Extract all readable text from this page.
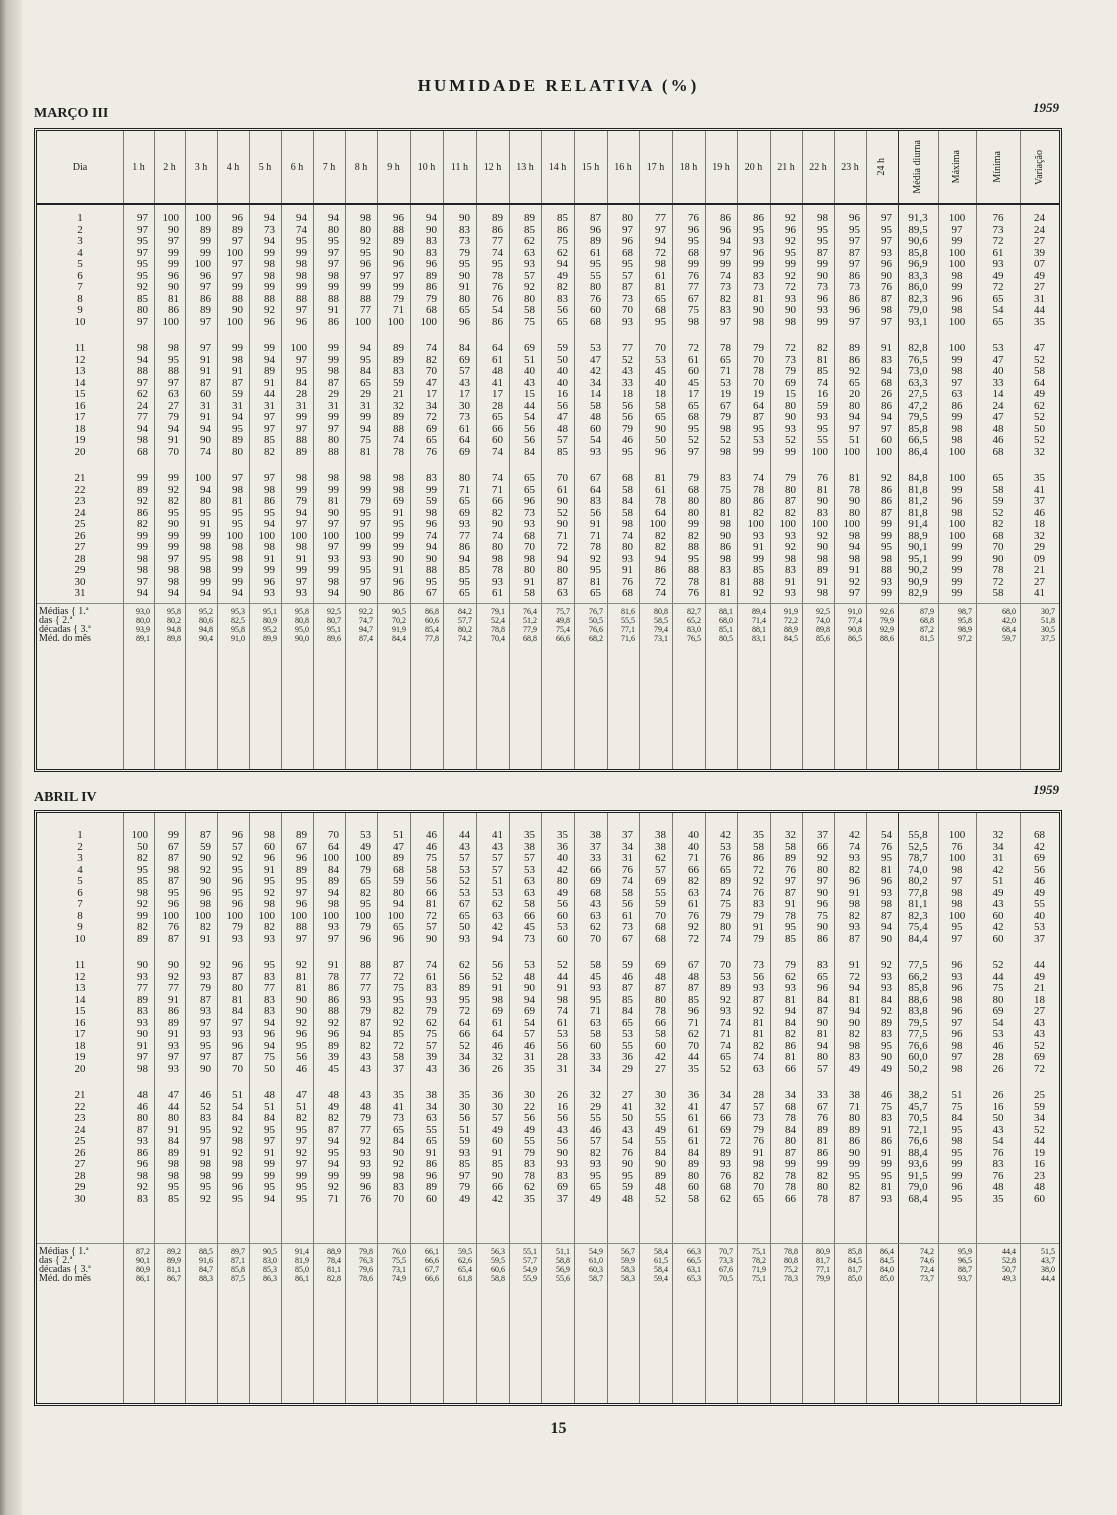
HUMIDADE RELATIVA (%)
MARÇO III	1959
Dia	1 h	2 h	3 h	4 h	5 h	6 h	7 h	8 h	9 h	10 h	11 h	12 h	13 h	14 h	15 h	16 h	17 h	18 h	19 h	20 h	21 h	22 h	23 h	24 h	Média diurna	Máxima	Mínima	Variação
1	97	100	100	96	94	94	94	98	96	94	90	89	89	85	87	80	77	76	86	86	92	98	96	97	91,3	100	76	24
2	97	90	89	89	73	74	80	80	88	90	83	86	85	86	96	97	97	96	96	95	96	95	95	95	89,5	97	73	24
3	95	97	99	97	94	95	95	92	89	83	73	77	62	75	89	96	94	95	94	93	92	95	97	97	90,6	99	72	27
4	97	99	99	100	99	99	97	95	90	83	79	74	63	62	61	68	72	68	97	96	95	87	87	93	85,8	100	61	39
5	95	99	100	97	98	98	97	96	96	96	95	95	93	94	95	95	98	99	99	99	99	99	97	96	96,9	100	93	07
6	95	96	96	97	98	98	98	97	97	89	90	78	57	49	55	57	61	76	74	83	92	90	86	90	83,3	98	49	49
7	92	90	97	99	99	99	99	99	99	86	91	76	92	82	80	87	81	77	73	73	72	73	73	76	86,0	99	72	27
8	85	81	86	88	88	88	88	88	79	79	80	76	80	83	76	73	65	67	82	81	93	96	86	87	82,3	96	65	31
9	80	86	89	90	92	97	91	77	71	68	65	54	58	56	60	70	68	75	83	90	90	93	96	98	79,0	98	54	44
10	97	100	97	100	96	96	86	100	100	100	96	86	75	65	68	93	95	98	97	98	98	99	97	97	93,1	100	65	35
11	98	98	97	99	99	100	99	94	89	74	84	64	69	59	53	77	70	72	78	79	72	82	89	91	82,8	100	53	47
12	94	95	91	98	94	97	99	95	89	82	69	61	51	50	47	52	53	61	65	70	73	81	86	83	76,5	99	47	52
13	88	88	91	91	89	95	98	84	83	70	57	48	40	40	42	43	45	60	71	78	79	85	92	94	73,0	98	40	58
14	97	97	87	87	91	84	87	65	59	47	43	41	43	40	34	33	40	45	53	70	69	74	65	68	63,3	97	33	64
15	62	63	60	59	44	28	29	29	21	17	17	17	15	16	14	18	18	17	19	19	15	16	20	26	27,5	63	14	49
16	24	27	31	31	31	31	31	31	32	34	30	28	44	56	58	56	58	65	67	64	80	59	80	86	47,2	86	24	62
17	77	79	91	94	97	99	99	99	89	72	73	65	54	47	48	56	65	68	79	87	90	93	94	94	79,5	99	47	52
18	94	94	94	95	97	97	97	94	88	69	61	66	56	48	60	79	90	95	98	95	93	95	97	97	85,8	98	48	50
19	98	91	90	89	85	88	80	75	74	65	64	60	56	57	54	46	50	52	52	53	52	55	51	60	66,5	98	46	52
20	68	70	74	80	82	89	88	81	78	76	69	74	84	85	93	95	96	97	98	99	99	100	100	100	86,4	100	68	32
21	99	99	100	97	97	98	98	98	98	83	80	74	65	70	67	68	81	79	83	74	79	76	81	92	84,8	100	65	35
22	89	92	94	98	98	99	99	99	98	99	71	71	65	61	64	58	61	68	75	78	80	81	78	86	81,8	99	58	41
23	92	82	80	81	86	79	81	79	69	59	65	66	96	90	83	84	78	80	80	86	87	90	90	86	81,2	96	59	37
24	86	95	95	95	95	94	90	95	91	98	69	82	73	52	56	58	64	80	81	82	82	83	80	87	81,8	98	52	46
25	82	90	91	95	94	97	97	97	95	96	93	90	93	90	91	98	100	99	98	100	100	100	100	99	91,4	100	82	18
26	99	99	99	100	100	100	100	100	99	74	77	74	68	71	71	74	82	82	90	93	93	92	98	99	88,9	100	68	32
27	99	99	98	98	98	98	97	99	99	94	86	80	70	72	78	80	82	88	86	91	92	90	94	95	90,1	99	70	29
28	98	97	95	98	91	91	93	93	90	90	94	98	98	94	92	93	94	95	98	99	98	98	98	98	95,1	99	90	09
29	98	98	98	99	99	99	99	95	91	88	85	78	80	80	95	91	86	88	83	85	83	89	91	88	90,2	99	78	21
30	97	98	99	99	96	97	98	97	96	95	95	93	91	87	81	76	72	78	81	88	91	91	92	93	90,9	99	72	27
31	94	94	94	94	93	93	94	90	86	67	65	61	58	63	65	68	74	76	81	92	93	98	97	99	82,9	99	58	41
Médias { 1.ª	93,0	95,8	95,2	95,3	95,1	95,8	92,5	92,2	90,5	86,8	84,2	79,1	76,4	75,7	76,7	81,6	80,8	82,7	88,1	89,4	91,9	92,5	91,0	92,6	87,9	98,7	68,0	30,7
das { 2.ª	80,0	80,2	80,6	82,5	80,9	80,8	80,7	74,7	70,2	60,6	57,7	52,4	51,2	49,8	50,5	55,5	58,5	65,2	68,0	71,4	72,2	74,0	77,4	79,9	68,8	95,8	42,0	51,8
décadas { 3.ª	93,9	94,8	94,8	95,8	95,2	95,0	95,1	94,7	91,9	85,4	80,2	78,8	77,9	75,4	76,6	77,1	79,4	83,0	85,1	88,1	88,9	89,8	90,8	92,9	87,2	98,9	68,4	30,5
Méd. do mês	89,1	89,8	90,4	91,0	89,9	90,0	89,6	87,4	84,4	77,8	74,2	70,4	68,8	66,6	68,2	71,6	73,1	76,5	80,5	83,1	84,5	85,6	86,5	88,6	81,5	97,2	59,7	37,5
ABRIL IV
1959
1	100	99	87	96	98	89	70	53	51	46	44	41	35	35	38	37	38	40	42	35	32	37	42	54	55,8	100	32	68
2	50	67	59	57	60	67	64	49	47	46	43	43	38	36	37	34	38	40	53	58	58	66	74	76	52,5	76	34	42
3	82	87	90	92	96	96	100	100	89	75	57	57	57	40	33	31	62	71	76	86	89	92	93	95	78,7	100	31	69
4	95	98	92	95	91	89	84	79	68	58	53	57	53	42	66	76	57	66	65	72	76	80	82	81	74,0	98	42	56
5	85	87	90	96	95	95	89	65	59	56	52	51	63	80	69	74	69	82	89	92	97	97	96	96	80,2	97	51	46
6	98	95	96	95	92	97	94	82	80	66	53	53	63	49	68	58	55	63	74	76	87	90	91	93	77,8	98	49	49
7	92	96	98	96	98	96	98	95	94	81	67	62	58	56	43	56	59	61	75	83	91	96	98	98	81,1	98	43	55
8	99	100	100	100	100	100	100	100	100	72	65	63	66	60	63	61	70	76	79	79	78	75	82	87	82,3	100	60	40
9	82	76	82	79	82	88	93	79	65	57	50	42	45	53	62	73	68	92	80	91	95	90	93	94	75,4	95	42	53
10	89	87	91	93	93	97	97	96	96	90	93	94	73	60	70	67	68	72	74	79	85	86	87	90	84,4	97	60	37
11	90	90	92	96	95	92	91	88	87	74	62	56	53	52	58	59	69	67	70	73	79	83	91	92	77,5	96	52	44
12	93	92	93	87	83	81	78	77	72	61	56	52	48	44	45	46	48	48	53	56	62	65	72	93	66,2	93	44	49
13	77	77	79	80	77	81	86	77	75	83	89	91	90	91	93	87	87	87	89	93	93	96	94	93	85,8	96	75	21
14	89	91	87	81	83	90	86	93	95	93	95	98	94	98	95	85	80	85	92	87	81	84	81	84	88,6	98	80	18
15	83	86	93	84	83	90	88	79	82	79	72	69	69	74	71	84	78	96	93	92	94	87	94	92	83,8	96	69	27
16	93	89	97	97	94	92	92	87	92	62	64	61	54	61	63	65	66	71	74	81	84	90	90	89	79,5	97	54	43
17	90	91	93	93	96	96	96	94	85	75	66	64	57	53	58	53	58	62	71	81	82	81	82	83	77,5	96	53	43
18	91	93	95	96	94	95	89	82	72	57	52	46	46	56	60	55	60	70	74	82	86	94	98	95	76,6	98	46	52
19	97	97	97	87	75	56	39	43	58	39	34	32	31	28	33	36	42	44	65	74	81	80	83	90	60,0	97	28	69
20	98	93	90	70	50	46	45	43	37	43	36	26	35	31	34	29	27	35	52	63	66	57	49	49	50,2	98	26	72
21	48	47	46	51	48	47	48	43	35	38	35	36	30	26	32	27	30	36	34	28	34	33	38	46	38,2	51	26	25
22	46	44	52	54	51	51	49	48	41	34	30	30	22	16	29	41	32	41	47	57	68	67	71	75	45,7	75	16	59
23	80	80	83	84	84	82	82	79	73	63	56	57	56	56	55	50	55	61	66	73	78	76	80	83	70,5	84	50	34
24	87	91	95	92	95	95	87	77	65	55	51	49	49	43	46	43	49	61	69	79	84	89	89	91	72,1	95	43	52
25	93	84	97	98	97	97	94	92	84	65	59	60	55	56	57	54	55	61	72	76	80	81	86	86	76,6	98	54	44
26	86	89	91	92	91	92	95	93	90	91	93	91	79	90	82	76	84	84	89	91	87	86	90	91	88,4	95	76	19
27	96	98	98	98	99	97	94	93	92	86	85	85	83	93	93	90	90	89	93	98	99	99	99	99	93,6	99	83	16
28	98	98	98	99	99	99	99	99	98	96	97	90	78	83	95	95	89	80	76	82	78	82	95	95	91,5	99	76	23
29	92	95	95	96	95	95	92	96	83	89	79	66	62	69	65	59	48	60	68	70	78	80	82	81	79,0	96	48	48
30	83	85	92	95	94	95	71	76	70	60	49	42	35	37	49	48	52	58	62	65	66	78	87	93	68,4	95	35	60
Médias { 1.ª	87,2	89,2	88,5	89,7	90,5	91,4	88,9	79,8	76,0	66,1	59,5	56,3	55,1	51,1	54,9	56,7	58,4	66,3	70,7	75,1	78,8	80,9	85,8	86,4	74,2	95,9	44,4	51,5
das { 2.ª	90,1	89,9	91,6	87,1	83,0	81,9	78,4	76,3	75,5	66,6	62,6	59,5	57,7	58,8	61,0	59,9	61,5	66,5	73,3	78,2	80,8	81,7	84,5	84,5	74,6	96,5	52,8	43,7
décadas { 3.ª	80,9	81,1	84,7	85,8	85,3	85,0	81,1	79,6	73,1	67,7	65,4	60,6	54,9	56,9	60,3	58,3	58,4	63,1	67,6	71,9	75,2	77,1	81,7	84,0	72,4	88,7	50,7	38,0
Méd. do mês	86,1	86,7	88,3	87,5	86,3	86,1	82,8	78,6	74,9	66,6	61,8	58,8	55,9	55,6	58,7	58,3	59,4	65,3	70,5	75,1	78,3	79,9	85,0	85,0	73,7	93,7	49,3	44,4
15
